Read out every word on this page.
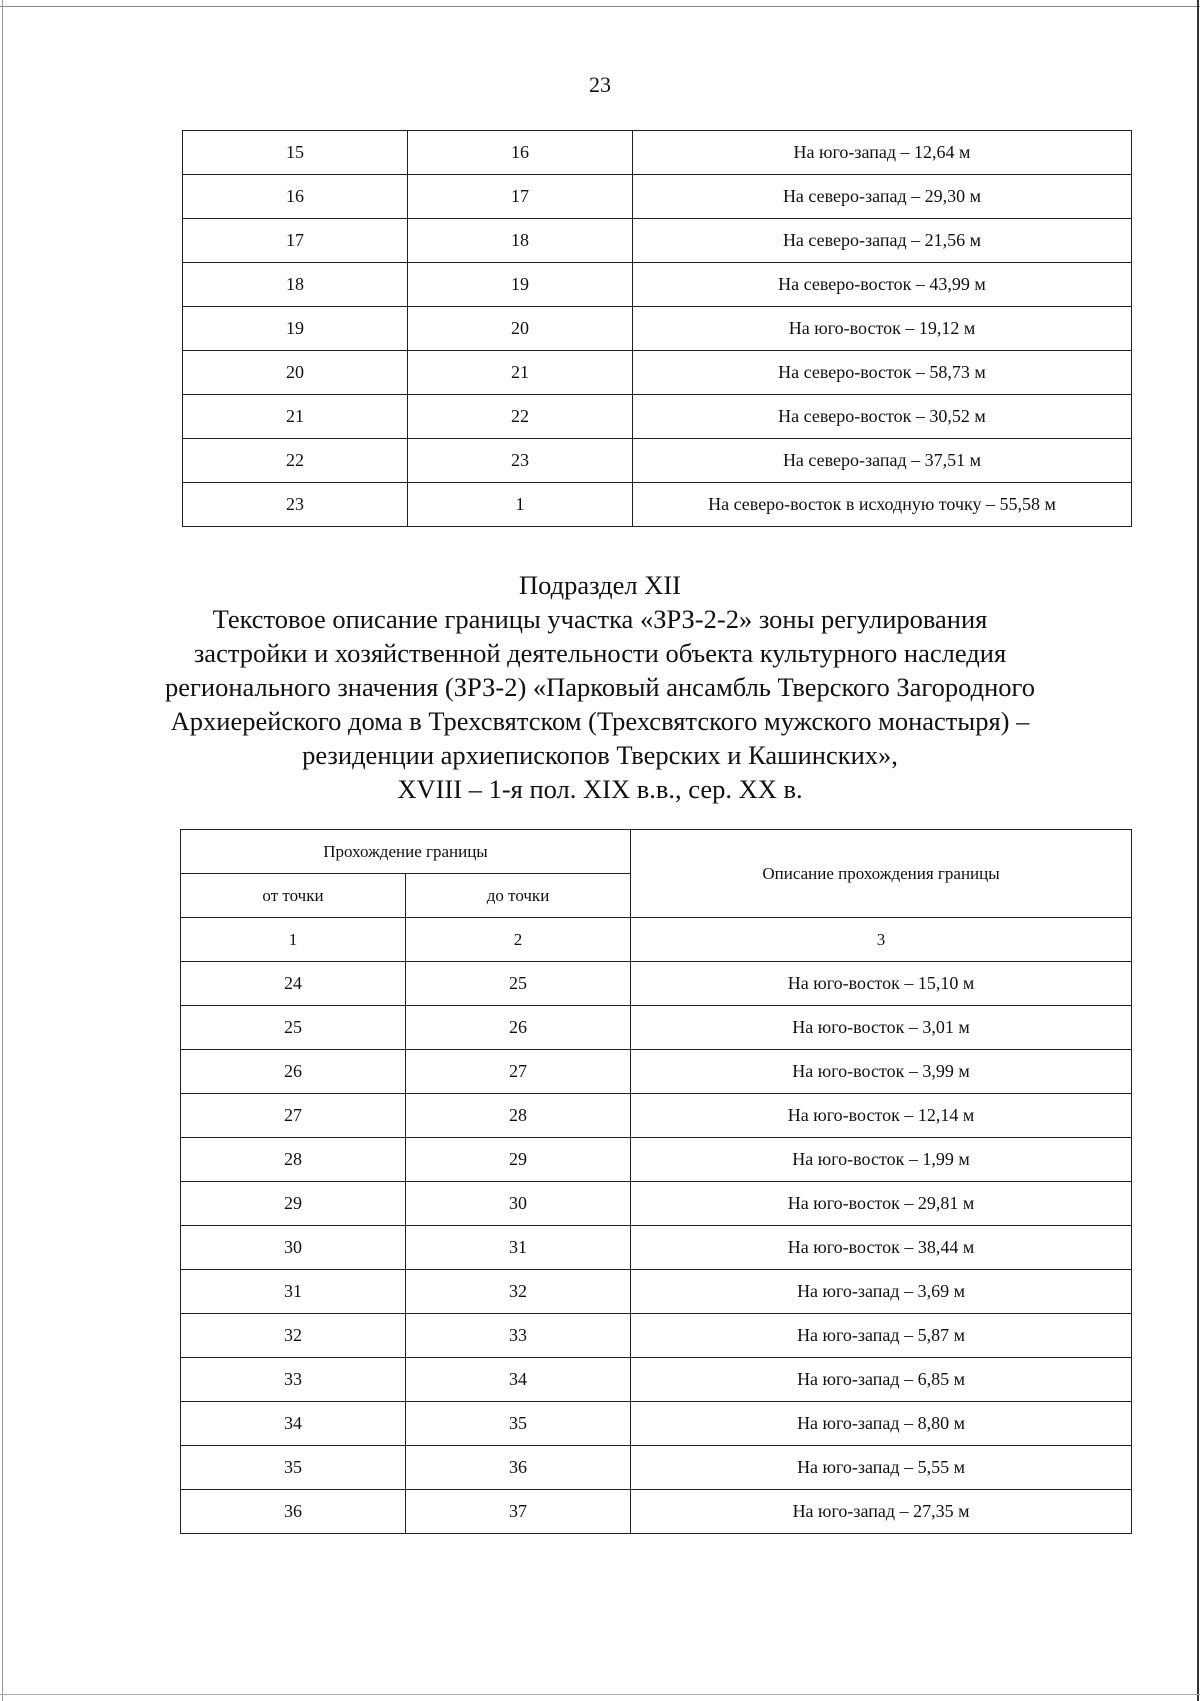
23
15	16	На юго-запад – 12,64 м
16	17	На северо-запад – 29,30 м
17	18	На северо-запад – 21,56 м
18	19	На северо-восток – 43,99 м
19	20	На юго-восток – 19,12 м
20	21	На северо-восток – 58,73 м
21	22	На северо-восток – 30,52 м
22	23	На северо-запад – 37,51 м
23	1	На северо-восток в исходную точку – 55,58 м
Подраздел XII
Текстовое описание границы участка «ЗРЗ-2-2» зоны регулирования
застройки и хозяйственной деятельности объекта культурного наследия
регионального значения (ЗРЗ-2) «Парковый ансамбль Тверского Загородного
Архиерейского дома в Трехсвятском (Трехсвятского мужского монастыря) –
резиденции архиепископов Тверских и Кашинских»,
XVIII – 1-я пол. XIX в.в., сер. XX в.
Прохождение границы		Описание прохождения границы
от точки	до точки	
1	2	3
24	25	На юго-восток – 15,10 м
25	26	На юго-восток – 3,01 м
26	27	На юго-восток – 3,99 м
27	28	На юго-восток – 12,14 м
28	29	На юго-восток – 1,99 м
29	30	На юго-восток – 29,81 м
30	31	На юго-восток – 38,44 м
31	32	На юго-запад – 3,69 м
32	33	На юго-запад – 5,87 м
33	34	На юго-запад – 6,85 м
34	35	На юго-запад – 8,80 м
35	36	На юго-запад – 5,55 м
36	37	На юго-запад – 27,35 м
